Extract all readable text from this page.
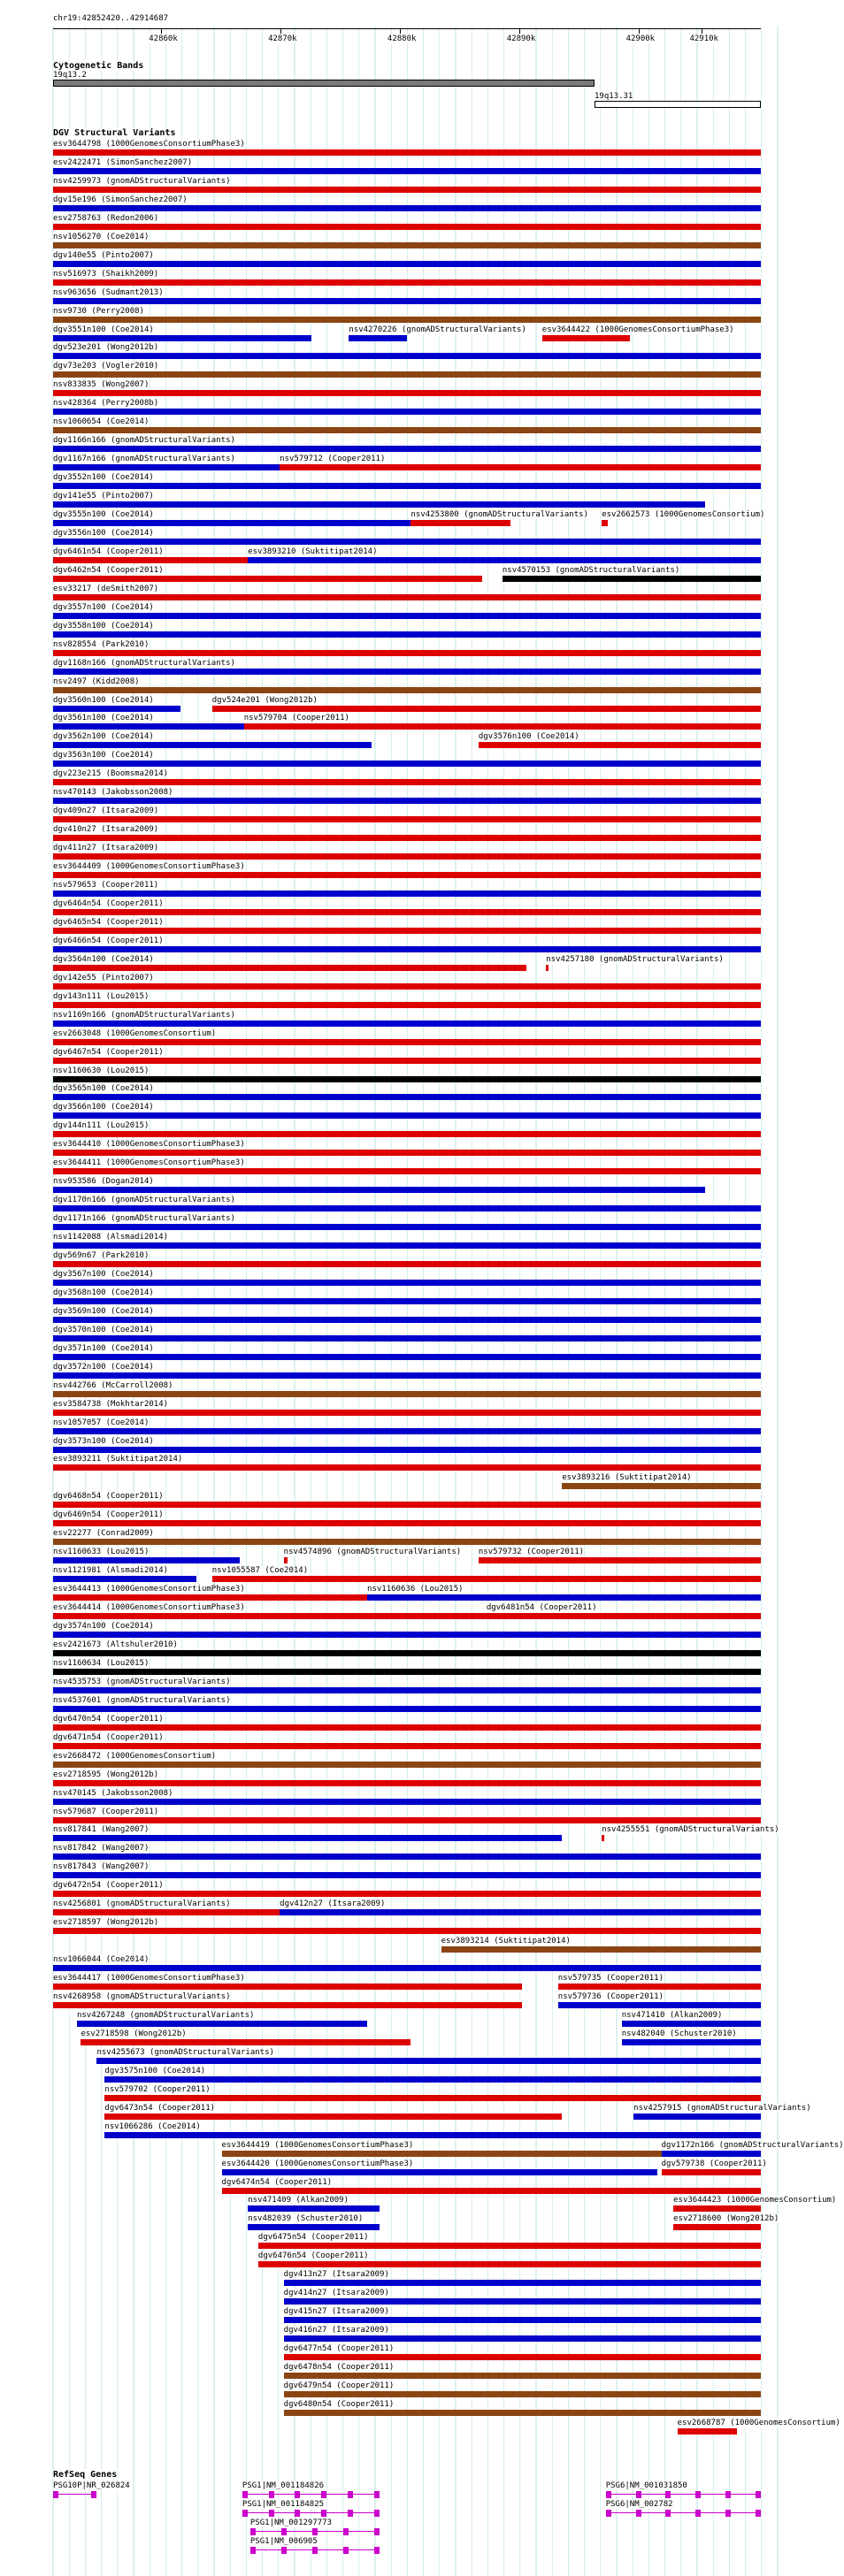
chr19:42852420..42914687
42860k	42870k	42880k	42890k	42900k	42910k
Cytogenetic Bands
19q13.2
19q13.31
DGV Structural Variants
esv3644798 (1000GenomesConsortiumPhase3)
esv2422471 (SimonSanchez2007)
nsv4259973 (gnomADStructuralVariants)
dgv15e196 (SimonSanchez2007)
esv2758763 (Redon2006)
nsv1056270 (Coe2014)
dgv140e55 (Pinto2007)
nsv516973 (Shaikh2009)
nsv963656 (Sudmant2013)
nsv9730 (Perry2008)
dgv3551n100 (Coe2014)	nsv4270226 (gnomADStructuralVariants) esv3644422 (1000GenomesConsortiumPhase3)
dgv523e201 (Wong2012b)
dgv73e203 (Vogler2010)
nsv833835 (Wong2007)
nsv428364 (Perry2008b)
nsv1060654 (Coe2014)
dgv1166n166 (gnomADStructuralVariants)
dgv1167n166 (gnomADStructuralVariants)	nsv579712 (Cooper2011)
dgv3552n100 (Coe2014)
dgv141e55 (Pinto2007)
dgv3555n100 (Coe2014)	nsv4253800 (gnomADStructuralVariants) esv2662573 (1000GenomesConsortium)
dgv3556n100 (Coe2014)
dgv6461n54 (Cooper2011)	esv3893210 (Suktitipat2014)
dgv6462n54 (Cooper2011)	nsv4570153 (gnomADStructuralVariants)
esv33217 (deSmith2007)
dgv3557n100 (Coe2014)
dgv3558n100 (Coe2014)
nsv828554 (Park2010)
dgv1168n166 (gnomADStructuralVariants)
nsv2497 (Kidd2008)
dgv3560n100 (Coe2014)	dgv524e201 (Wong2012b)
dgv3561n100 (Coe2014)	nsv579704 (Cooper2011)
dgv3562n100 (Coe2014)	dgv3576n100 (Coe2014)
dgv3563n100 (Coe2014)
dgv223e215 (Boomsma2014)
nsv470143 (Jakobsson2008)
dgv409n27 (Itsara2009)
dgv410n27 (Itsara2009)
dgv411n27 (Itsara2009)
esv3644409 (1000GenomesConsortiumPhase3)
nsv579653 (Cooper2011)
dgv6464n54 (Cooper2011)
dgv6465n54 (Cooper2011)
dgv6466n54 (Cooper2011)
dgv3564n100 (Coe2014)	nsv4257180 (gnomADStructuralVariants)
dgv142e55 (Pinto2007)
dgv143n111 (Lou2015)
nsv1169n166 (gnomADStructuralVariants)
esv2663048 (1000GenomesConsortium)
dgv6467n54 (Cooper2011)
nsv1160630 (Lou2015)
dgv3565n100 (Coe2014)
dgv3566n100 (Coe2014)
dgv144n111 (Lou2015)
esv3644410 (1000GenomesConsortiumPhase3)
esv3644411 (1000GenomesConsortiumPhase3)
nsv953586 (Dogan2014)
dgv1170n166 (gnomADStructuralVariants)
dgv1171n166 (gnomADStructuralVariants)
nsv1142088 (Alsmadi2014)
dgv569n67 (Park2010)
dgv3567n100 (Coe2014)
dgv3568n100 (Coe2014)
dgv3569n100 (Coe2014)
dgv3570n100 (Coe2014)
dgv3571n100 (Coe2014)
dgv3572n100 (Coe2014)
nsv442766 (McCarroll2008)
esv3584738 (Mokhtar2014)
nsv1057057 (Coe2014)
dgv3573n100 (Coe2014)
esv3893211 (Suktitipat2014)
esv3893216 (Suktitipat2014)
dgv6468n54 (Cooper2011)
dgv6469n54 (Cooper2011)
esv22277 (Conrad2009)
nsv1160633 (Lou2015)	nsv4574896 (gnomADStructuralVariants) nsv579732 (Cooper2011)
nsv1121981 (Alsmadi2014)	nsv1055587 (Coe2014)
esv3644413 (1000GenomesConsortiumPhase3)	nsv1160636 (Lou2015)
esv3644414 (1000GenomesConsortiumPhase3)	dgv6481n54 (Cooper2011)
dgv3574n100 (Coe2014)
esv2421673 (Altshuler2010)
nsv1160634 (Lou2015)
nsv4535753 (gnomADStructuralVariants)
nsv4537601 (gnomADStructuralVariants)
dgv6470n54 (Cooper2011)
dgv6471n54 (Cooper2011)
esv2668472 (1000GenomesConsortium)
esv2718595 (Wong2012b)
nsv470145 (Jakobsson2008)
nsv579687 (Cooper2011)
nsv817841 (Wang2007)	nsv4255551 (gnomADStructuralVariants)
nsv817842 (Wang2007)
nsv817843 (Wang2007)
dgv6472n54 (Cooper2011)
nsv4256801 (gnomADStructuralVariants)	dgv412n27 (Itsara2009)
esv2718597 (Wong2012b)
esv3893214 (Suktitipat2014)
nsv1066044 (Coe2014)
esv3644417 (1000GenomesConsortiumPhase3)	nsv579735 (Cooper2011)
nsv4268958 (gnomADStructuralVariants)	nsv579736 (Cooper2011)
nsv4267248 (gnomADStructuralVariants)	nsv471410 (Alkan2009)
esv2718598 (Wong2012b)	nsv482040 (Schuster2010)
nsv4255673 (gnomADStructuralVariants)
dgv3575n100 (Coe2014)
nsv579702 (Cooper2011)
dgv6473n54 (Cooper2011)	nsv4257915 (gnomADStructuralVariants)
nsv1066286 (Coe2014)
esv3644419 (1000GenomesConsortiumPhase3)	dgv1172n166 (gnomADStructuralVariants)
esv3644420 (1000GenomesConsortiumPhase3)	dgv579738 (Cooper2011)
dgv6474n54 (Cooper2011)
nsv471409 (Alkan2009)	esv3644423 (1000GenomesConsortium)
nsv482039 (Schuster2010)	esv2718600 (Wong2012b)
dgv6475n54 (Cooper2011)
dgv6476n54 (Cooper2011)
dgv413n27 (Itsara2009)
dgv414n27 (Itsara2009)
dgv415n27 (Itsara2009)
dgv416n27 (Itsara2009)
dgv6477n54 (Cooper2011)
dgv6478n54 (Cooper2011)
dgv6479n54 (Cooper2011)
dgv6480n54 (Cooper2011)
esv2668787 (1000GenomesConsortium)
RefSeq Genes
PSG10P|NR_026824	PSG1|NM_001184826	PSG6|NM_001031850
PSG1|NM_001184825	PSG6|NM_002782
PSG1|NM_001297773
PSG1|NM_006905
